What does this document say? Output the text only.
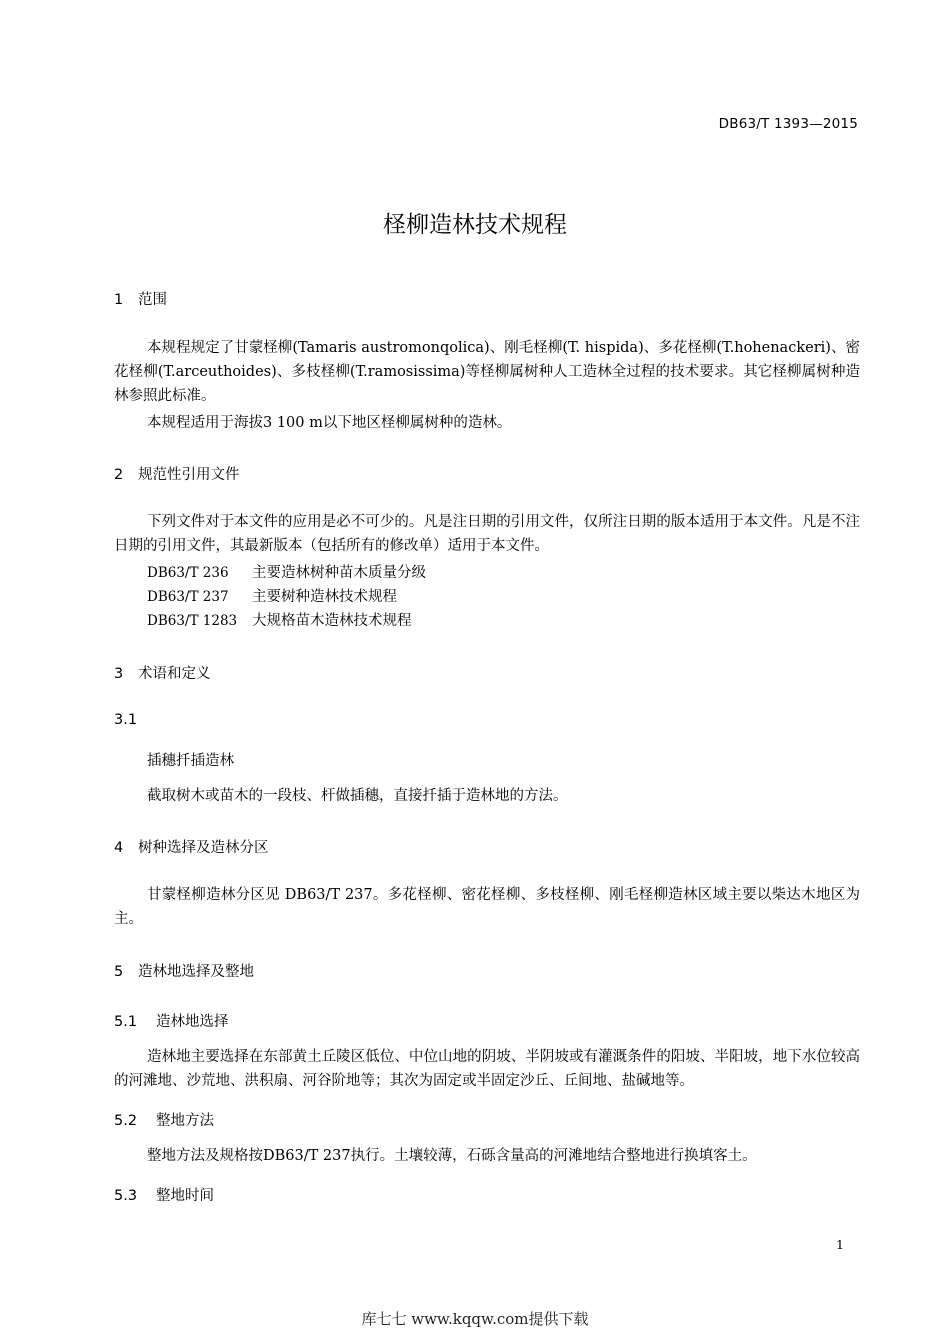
DB63/T 1393—2015
柽柳造林技术规程
1 范围
本规程规定了甘蒙柽柳(Tamaris austromonqolica)、刚毛柽柳(T. hispida)、多花柽柳(T.hohenackeri)、密花柽柳(T.arceuthoides)、多枝柽柳(T.ramosissima)等柽柳属树种人工造林全过程的技术要求。其它柽柳属树种造林参照此标准。
本规程适用于海拔3 100 m以下地区柽柳属树种的造林。
2 规范性引用文件
下列文件对于本文件的应用是必不可少的。凡是注日期的引用文件，仅所注日期的版本适用于本文件。凡是不注日期的引用文件，其最新版本（包括所有的修改单）适用于本文件。
DB63/T 236 主要造林树种苗木质量分级
DB63/T 237 主要树种造林技术规程
DB63/T 1283 大规格苗木造林技术规程
3 术语和定义
3.1
插穗扦插造林
截取树木或苗木的一段枝、杆做插穗，直接扦插于造林地的方法。
4 树种选择及造林分区
甘蒙柽柳造林分区见 DB63/T 237。多花柽柳、密花柽柳、多枝柽柳、刚毛柽柳造林区域主要以柴达木地区为主。
5 造林地选择及整地
5.1 造林地选择
造林地主要选择在东部黄土丘陵区低位、中位山地的阴坡、半阴坡或有灌溉条件的阳坡、半阳坡，地下水位较高的河滩地、沙荒地、洪积扇、河谷阶地等；其次为固定或半固定沙丘、丘间地、盐碱地等。
5.2 整地方法
整地方法及规格按DB63/T 237执行。土壤较薄，石砾含量高的河滩地结合整地进行换填客土。
5.3 整地时间
1
库七七 www.kqqw.com提供下载
